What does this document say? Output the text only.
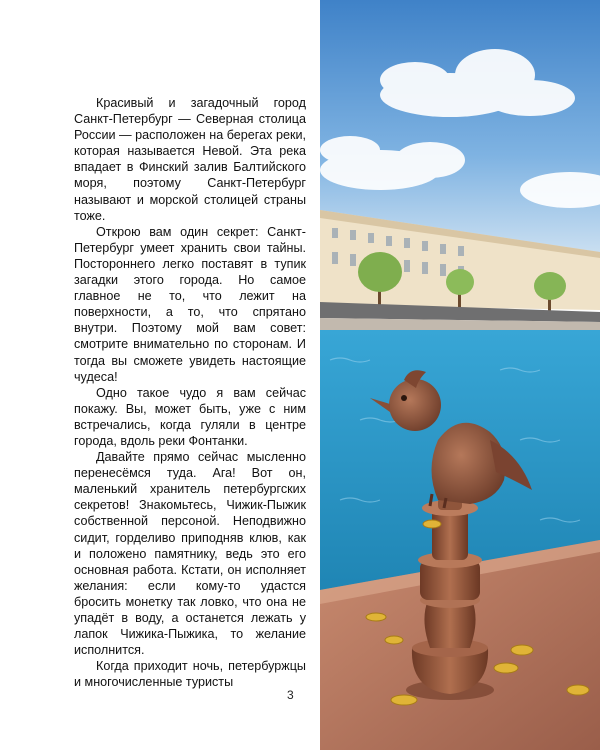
Красивый и загадочный город Санкт-Петербург — Северная столица России — расположен на берегах реки, которая называется Невой. Эта река впадает в Финский залив Балтийского моря, поэтому Санкт-Петербург называют и морской столицей страны тоже.

Открою вам один секрет: Санкт-Петербург умеет хранить свои тайны. Постороннего легко поставят в тупик загадки этого города. Но самое главное не то, что лежит на поверхности, а то, что спрятано внутри. Поэтому мой вам совет: смотрите внимательно по сторонам. И тогда вы сможете увидеть настоящие чудеса!

Одно такое чудо я вам сейчас покажу. Вы, может быть, уже с ним встречались, когда гуляли в центре города, вдоль реки Фонтанки.

Давайте прямо сейчас мысленно перенесёмся туда. Ага! Вот он, маленький хранитель петербургских секретов! Знакомьтесь, Чижик-Пыжик собственной персоной. Неподвижно сидит, горделиво приподняв клюв, как и положено памятнику, ведь это его основная работа. Кстати, он исполняет желания: если кому-то удастся бросить монетку так ловко, что она не упадёт в воду, а останется лежать у лапок Чижика-Пыжика, то желание исполнится.

Когда приходит ночь, петербуржцы и многочисленные туристы

3
